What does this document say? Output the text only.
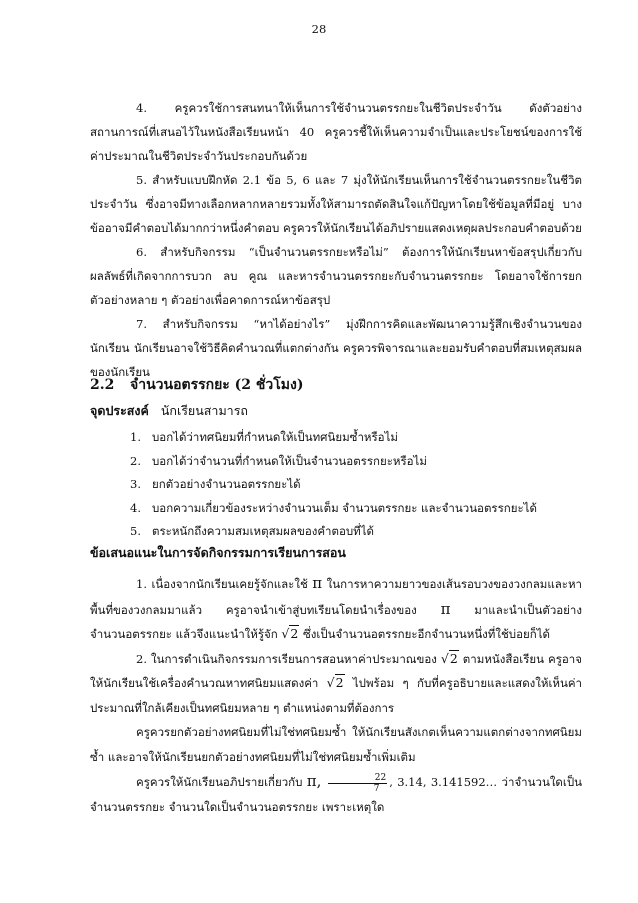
28

4. ครูควรใช้การสนทนาให้เห็นการใช้จำนวนตรรกยะในชีวิตประจำวัน ดังตัวอย่างสถานการณ์ที่เสนอไว้ในหนังสือเรียนหน้า 40 ครูควรชี้ให้เห็นความจำเป็นและประโยชน์ของการใช้ค่าประมาณในชีวิตประจำวันประกอบกันด้วย

5. สำหรับแบบฝึกหัด 2.1 ข้อ 5, 6 และ 7 มุ่งให้นักเรียนเห็นการใช้จำนวนตรรกยะในชีวิตประจำวัน ซึ่งอาจมีทางเลือกหลากหลายรวมทั้งให้สามารถตัดสินใจแก้ปัญหาโดยใช้ข้อมูลที่มีอยู่ บางข้ออาจมีคำตอบได้มากกว่าหนึ่งคำตอบ ครูควรให้นักเรียนได้อภิปรายแสดงเหตุผลประกอบคำตอบด้วย

6. สำหรับกิจกรรม “เป็นจำนวนตรรกยะหรือไม่” ต้องการให้นักเรียนหาข้อสรุปเกี่ยวกับผลลัพธ์ที่เกิดจากการบวก ลบ คูณ และหารจำนวนตรรกยะกับจำนวนตรรกยะ โดยอาจใช้การยกตัวอย่างหลาย ๆ ตัวอย่างเพื่อคาดการณ์หาข้อสรุป

7. สำหรับกิจกรรม “หาได้อย่างไร” มุ่งฝึกการคิดและพัฒนาความรู้สึกเชิงจำนวนของนักเรียน นักเรียนอาจใช้วิธีคิดคำนวณที่แตกต่างกัน ครูควรพิจารณาและยอมรับคำตอบที่สมเหตุสมผลของนักเรียน

2.2 จำนวนอตรรกยะ (2 ชั่วโมง)
จุดประสงค์ นักเรียนสามารถ
1. บอกได้ว่าทศนิยมที่กำหนดให้เป็นทศนิยมซ้ำหรือไม่
2. บอกได้ว่าจำนวนที่กำหนดให้เป็นจำนวนอตรรกยะหรือไม่
3. ยกตัวอย่างจำนวนอตรรกยะได้
4. บอกความเกี่ยวข้องระหว่างจำนวนเต็ม จำนวนตรรกยะ และจำนวนอตรรกยะได้
5. ตระหนักถึงความสมเหตุสมผลของคำตอบที่ได้
ข้อเสนอแนะในการจัดกิจกรรมการเรียนการสอน

1. เนื่องจากนักเรียนเคยรู้จักและใช้ π ในการหาความยาวของเส้นรอบวงของวงกลมและหาพื้นที่ของวงกลมมาแล้ว ครูอาจนำเข้าสู่บทเรียนโดยนำเรื่องของ π มาและนำเป็นตัวอย่างจำนวนอตรรกยะ แล้วจึงแนะนำให้รู้จัก √2 ซึ่งเป็นจำนวนอตรรกยะอีกจำนวนหนึ่งที่ใช้บ่อยก็ได้

2. ในการดำเนินกิจกรรมการเรียนการสอนหาค่าประมาณของ √2 ตามหนังสือเรียน ครูอาจให้นักเรียนใช้เครื่องคำนวณหาทศนิยมแสดงค่า √2 ไปพร้อม ๆ กับที่ครูอธิบายและแสดงให้เห็นค่าประมาณที่ใกล้เคียงเป็นทศนิยมหลาย ๆ ตำแหน่งตามที่ต้องการ

ครูควรยกตัวอย่างทศนิยมที่ไม่ใช่ทศนิยมซ้ำ ให้นักเรียนสังเกตเห็นความแตกต่างจากทศนิยมซ้ำ และอาจให้นักเรียนยกตัวอย่างทศนิยมที่ไม่ใช่ทศนิยมซ้ำเพิ่มเติม

ครูควรให้นักเรียนอภิปรายเกี่ยวกับ π, $\frac{22}{7}$ , 3.14, 3.141592… ว่าจำนวนใดเป็นจำนวนตรรกยะ จำนวนใดเป็นจำนวนอตรรกยะ เพราะเหตุใด
